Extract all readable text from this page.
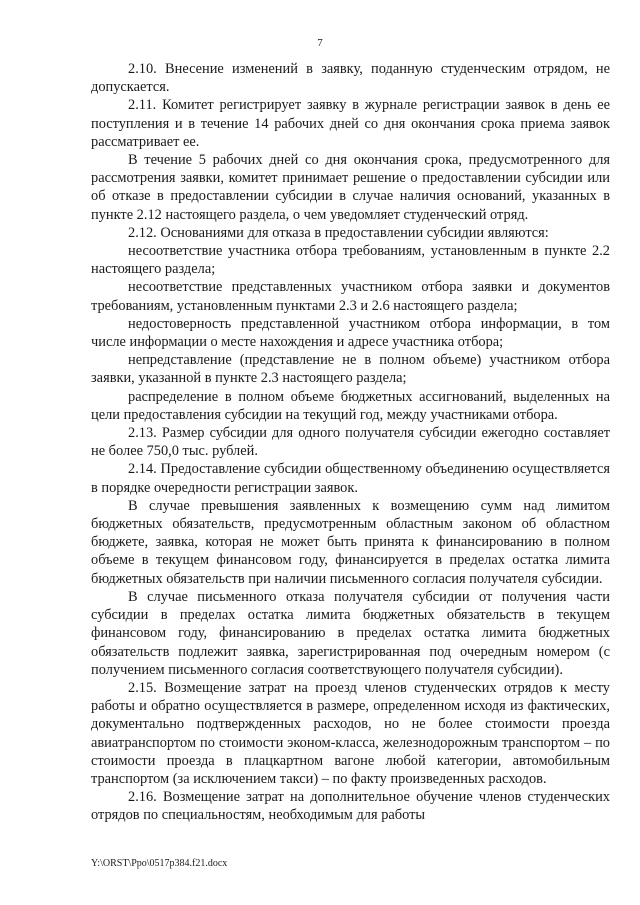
7

2.10. Внесение изменений в заявку, поданную студенческим отрядом, не допускается.

2.11. Комитет регистрирует заявку в журнале регистрации заявок в день ее поступления и в течение 14 рабочих дней со дня окончания срока приема заявок рассматривает ее.

В течение 5 рабочих дней со дня окончания срока, предусмотренного для рассмотрения заявки, комитет принимает решение о предоставлении субсидии или об отказе в предоставлении субсидии в случае наличия оснований, указанных в пункте 2.12 настоящего раздела, о чем уведомляет студенческий отряд.

2.12. Основаниями для отказа в предоставлении субсидии являются:

несоответствие участника отбора требованиям, установленным в пункте 2.2 настоящего раздела;

несоответствие представленных участником отбора заявки и документов требованиям, установленным пунктами 2.3 и 2.6 настоящего раздела;

недостоверность представленной участником отбора информации, в том числе информации о месте нахождения и адресе участника отбора;

непредставление (представление не в полном объеме) участником отбора заявки, указанной в пункте 2.3 настоящего раздела;

распределение в полном объеме бюджетных ассигнований, выделенных на цели предоставления субсидии на текущий год, между участниками отбора.

2.13. Размер субсидии для одного получателя субсидии ежегодно составляет не более 750,0 тыс. рублей.

2.14. Предоставление субсидии общественному объединению осуществляется в порядке очередности регистрации заявок.

В случае превышения заявленных к возмещению сумм над лимитом бюджетных обязательств, предусмотренным областным законом об областном бюджете, заявка, которая не может быть принята к финансированию в полном объеме в текущем финансовом году, финансируется в пределах остатка лимита бюджетных обязательств при наличии письменного согласия получателя субсидии.

В случае письменного отказа получателя субсидии от получения части субсидии в пределах остатка лимита бюджетных обязательств в текущем финансовом году, финансированию в пределах остатка лимита бюджетных обязательств подлежит заявка, зарегистрированная под очередным номером (с получением письменного согласия соответствующего получателя субсидии).

2.15. Возмещение затрат на проезд членов студенческих отрядов к месту работы и обратно осуществляется в размере, определенном исходя из фактических, документально подтвержденных расходов, но не более стоимости проезда авиатранспортом по стоимости эконом-класса, железнодорожным транспортом – по стоимости проезда в плацкартном вагоне любой категории, автомобильным транспортом (за исключением такси) – по факту произведенных расходов.

2.16. Возмещение затрат на дополнительное обучение членов студенческих отрядов по специальностям, необходимым для работы

Y:\ORST\Ppo\0517p384.f21.docx
